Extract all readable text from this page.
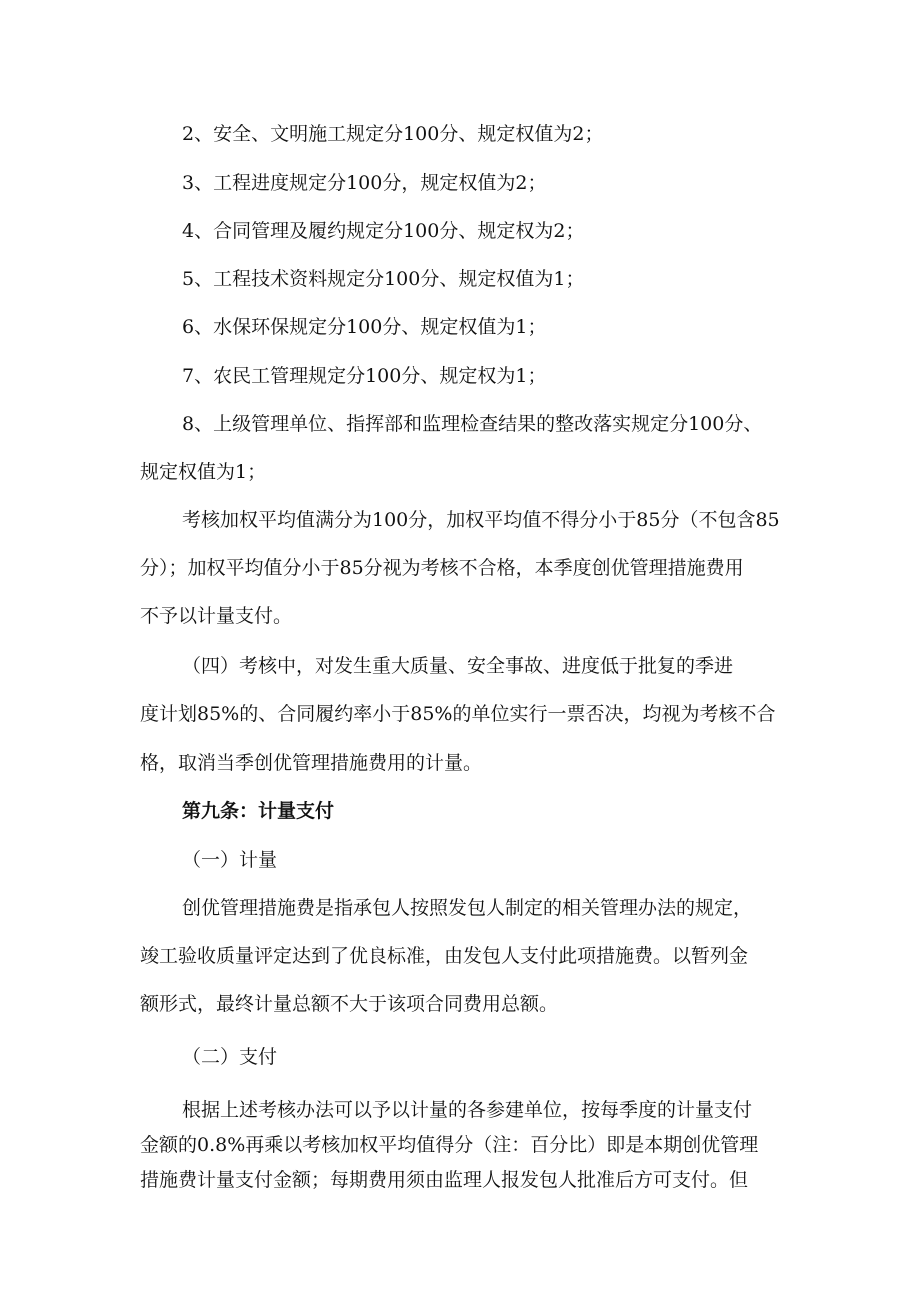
2、安全、文明施工规定分100分、规定权值为2；

3、工程进度规定分100分，规定权值为2；

4、合同管理及履约规定分100分、规定权为2；

5、工程技术资料规定分100分、规定权值为1；

6、水保环保规定分100分、规定权值为1；

7、农民工管理规定分100分、规定权为1；

8、上级管理单位、指挥部和监理检查结果的整改落实规定分100分、

规定权值为1；

考核加权平均值满分为100分，加权平均值不得分小于85分（不包含85

分）；加权平均值分小于85分视为考核不合格，本季度创优管理措施费用

不予以计量支付。

（四）考核中，对发生重大质量、安全事故、进度低于批复的季进

度计划85%的、合同履约率小于85%的单位实行一票否决，均视为考核不合

格，取消当季创优管理措施费用的计量。

第九条：计量支付

（一）计量

创优管理措施费是指承包人按照发包人制定的相关管理办法的规定，

竣工验收质量评定达到了优良标准，由发包人支付此项措施费。以暂列金

额形式，最终计量总额不大于该项合同费用总额。

（二）支付

根据上述考核办法可以予以计量的各参建单位，按每季度的计量支付

金额的0.8%再乘以考核加权平均值得分（注：百分比）即是本期创优管理

措施费计量支付金额；每期费用须由监理人报发包人批准后方可支付。但
